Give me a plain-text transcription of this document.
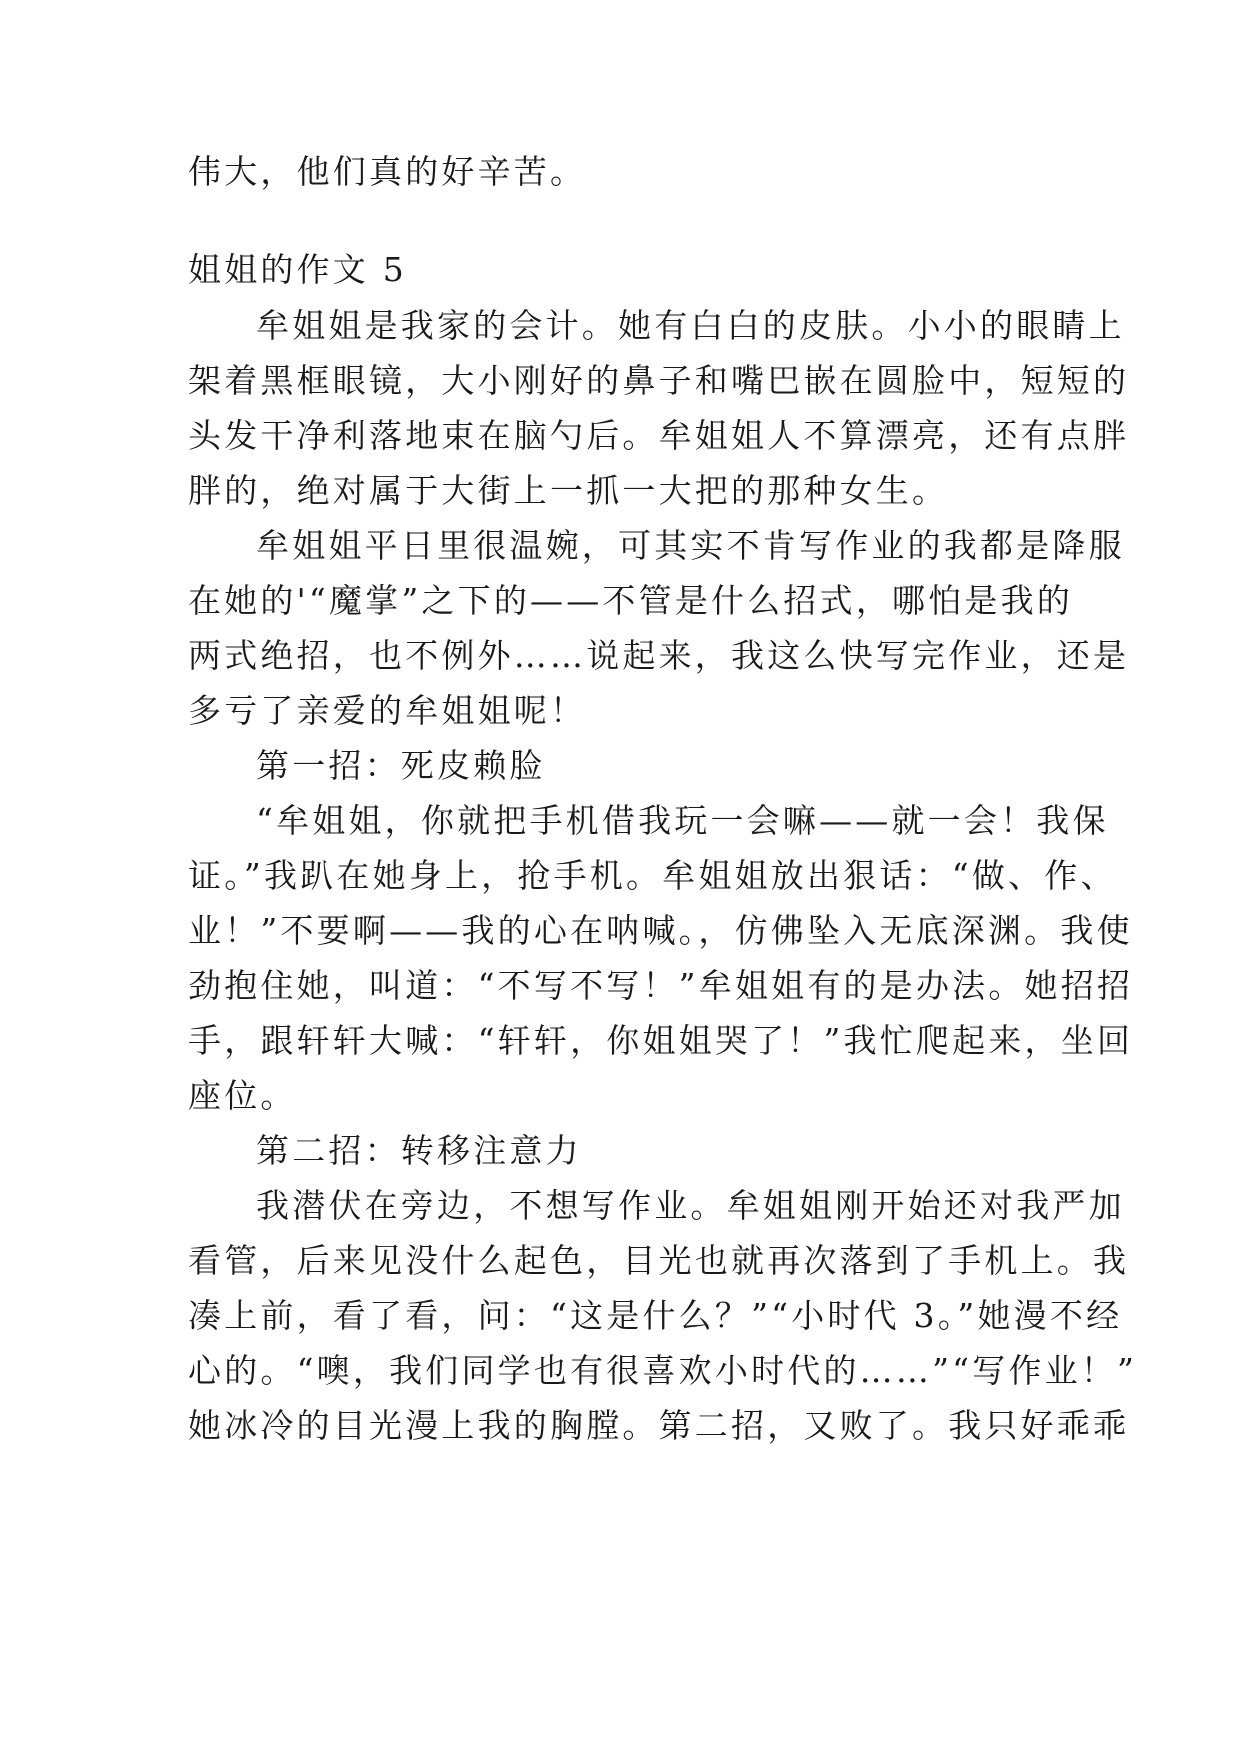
伟大，他们真的好辛苦。
姐姐的作文 5
牟姐姐是我家的会计。她有白白的皮肤。小小的眼睛上
架着黑框眼镜，大小刚好的鼻子和嘴巴嵌在圆脸中，短短的
头发干净利落地束在脑勺后。牟姐姐人不算漂亮，还有点胖
胖的，绝对属于大街上一抓一大把的那种女生。
牟姐姐平日里很温婉，可其实不肯写作业的我都是降服
在她的'“魔掌”之下的——不管是什么招式，哪怕是我的
两式绝招，也不例外……说起来，我这么快写完作业，还是
多亏了亲爱的牟姐姐呢！
第一招：死皮赖脸
“牟姐姐，你就把手机借我玩一会嘛——就一会！我保
证。”我趴在她身上，抢手机。牟姐姐放出狠话：“做、作、
业！”不要啊——我的心在呐喊。，仿佛坠入无底深渊。我使
劲抱住她，叫道：“不写不写！”牟姐姐有的是办法。她招招
手，跟轩轩大喊：“轩轩，你姐姐哭了！”我忙爬起来，坐回
座位。
第二招：转移注意力
我潜伏在旁边，不想写作业。牟姐姐刚开始还对我严加
看管，后来见没什么起色，目光也就再次落到了手机上。我
凑上前，看了看，问：“这是什么？”“小时代 3。”她漫不经
心的。“噢，我们同学也有很喜欢小时代的……”“写作业！”
她冰冷的目光漫上我的胸膛。第二招，又败了。我只好乖乖
